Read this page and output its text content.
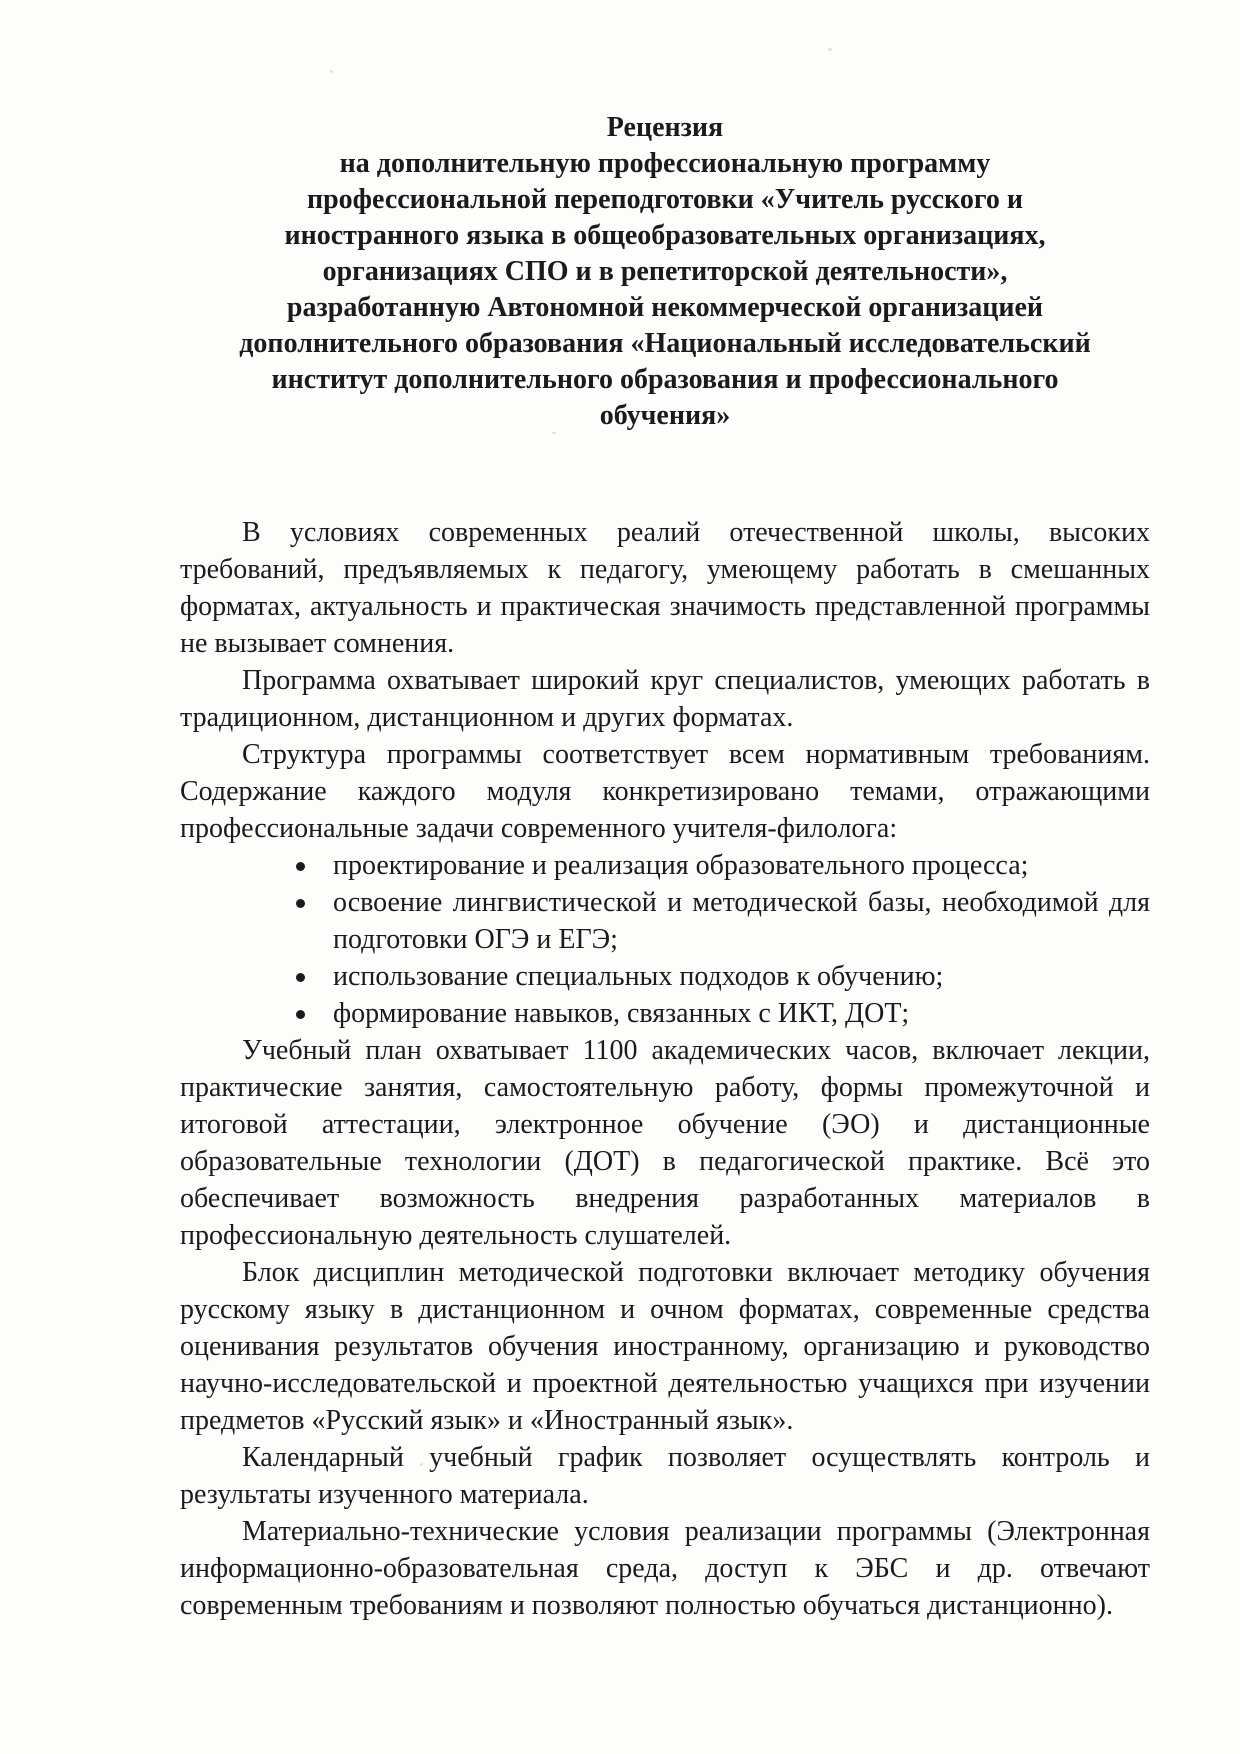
Рецензия
на дополнительную профессиональную программу профессиональной переподготовки «Учитель русского и иностранного языка в общеобразовательных организациях, организациях СПО и в репетиторской деятельности», разработанную Автономной некоммерческой организацией дополнительного образования «Национальный исследовательский институт дополнительного образования и профессионального обучения»

В условиях современных реалий отечественной школы, высоких требований, предъявляемых к педагогу, умеющему работать в смешанных форматах, актуальность и практическая значимость представленной программы не вызывает сомнения.

Программа охватывает широкий круг специалистов, умеющих работать в традиционном, дистанционном и других форматах.

Структура программы соответствует всем нормативным требованиям. Содержание каждого модуля конкретизировано темами, отражающими профессиональные задачи современного учителя-филолога:

проектирование и реализация образовательного процесса;
освоение лингвистической и методической базы, необходимой для подготовки ОГЭ и ЕГЭ;
использование специальных подходов к обучению;
формирование навыков, связанных с ИКТ, ДОТ;

Учебный план охватывает 1100 академических часов, включает лекции, практические занятия, самостоятельную работу, формы промежуточной и итоговой аттестации, электронное обучение (ЭО) и дистанционные образовательные технологии (ДОТ) в педагогической практике. Всё это обеспечивает возможность внедрения разработанных материалов в профессиональную деятельность слушателей.

Блок дисциплин методической подготовки включает методику обучения русскому языку в дистанционном и очном форматах, современные средства оценивания результатов обучения иностранному, организацию и руководство научно-исследовательской и проектной деятельностью учащихся при изучении предметов «Русский язык» и «Иностранный язык».

Календарный учебный график позволяет осуществлять контроль и результаты изученного материала.

Материально-технические условия реализации программы (Электронная информационно-образовательная среда, доступ к ЭБС и др. отвечают современным требованиям и позволяют полностью обучаться дистанционно).
